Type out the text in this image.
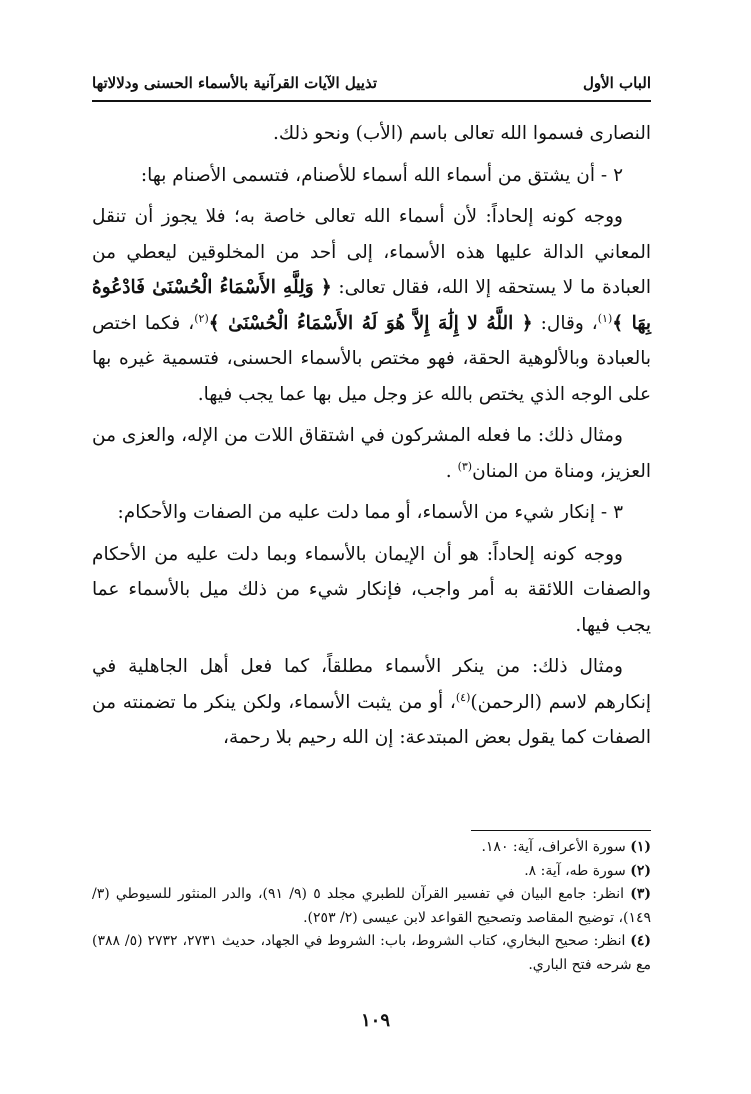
الباب الأول
تذييل الآيات القرآنية بالأسماء الحسنى ودلالاتها

النصارى فسموا الله تعالى باسم (الأب) ونحو ذلك.

٢ - أن يشتق من أسماء الله أسماء للأصنام، فتسمى الأصنام بها:

ووجه كونه إلحاداً: لأن أسماء الله تعالى خاصة به؛ فلا يجوز أن تنقل المعاني الدالة عليها هذه الأسماء، إلى أحد من المخلوقين ليعطي من العبادة ما لا يستحقه إلا الله، فقال تعالى: ﴿ وَلِلَّهِ الأَسْمَاءُ الْحُسْنَىٰ فَادْعُوهُ بِهَا ﴾$^{(١)}$، وقال: ﴿ اللَّهُ لا إِلَٰهَ إِلاَّ هُوَ لَهُ الأَسْمَاءُ الْحُسْنَىٰ ﴾$^{(٢)}$، فكما اختص بالعبادة وبالألوهية الحقة، فهو مختص بالأسماء الحسنى، فتسمية غيره بها على الوجه الذي يختص بالله عز وجل ميل بها عما يجب فيها.

ومثال ذلك: ما فعله المشركون في اشتقاق اللات من الإله، والعزى من العزيز، ومناة من المنان$^{(٣)}$ .

٣ - إنكار شيء من الأسماء، أو مما دلت عليه من الصفات والأحكام:

ووجه كونه إلحاداً: هو أن الإيمان بالأسماء وبما دلت عليه من الأحكام والصفات اللائقة به أمر واجب، فإنكار شيء من ذلك ميل بالأسماء عما يجب فيها.

ومثال ذلك: من ينكر الأسماء مطلقاً، كما فعل أهل الجاهلية في إنكارهم لاسم (الرحمن)$^{(٤)}$، أو من يثبت الأسماء، ولكن ينكر ما تضمنته من الصفات كما يقول بعض المبتدعة: إن الله رحيم بلا رحمة،

(١) سورة الأعراف، آية: ١٨٠.

(٢) سورة طه، آية: ٨.

(٣) انظر: جامع البيان في تفسير القرآن للطبري مجلد ٥ (٩/ ٩١)، والدر المنثور للسيوطي (٣/ ١٤٩)، توضيح المقاصد وتصحيح القواعد لابن عيسى (٢/ ٢٥٣).

(٤) انظر: صحيح البخاري، كتاب الشروط، باب: الشروط في الجهاد، حديث ٢٧٣١، ٢٧٣٢ (٥/ ٣٨٨) مع شرحه فتح الباري.

١٠٩
